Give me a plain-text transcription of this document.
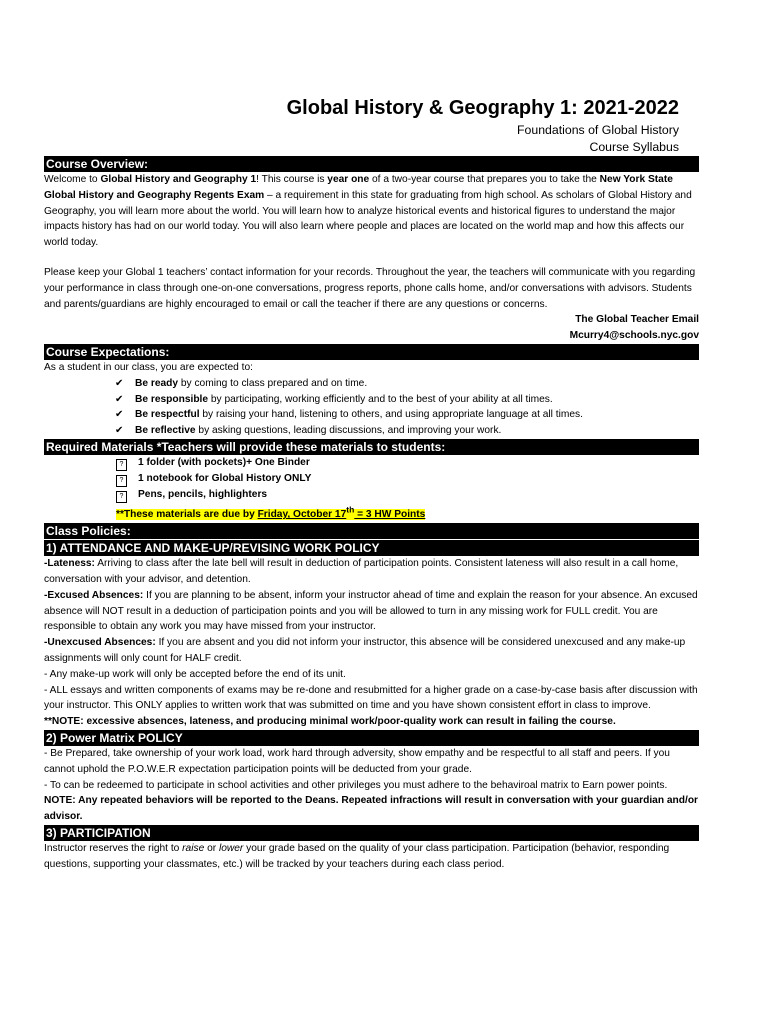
Global History & Geography 1: 2021-2022
Foundations of Global History
Course Syllabus
Course Overview:

Welcome to Global History and Geography 1! This course is year one of a two-year course that prepares you to take the New York State Global History and Geography Regents Exam – a requirement in this state for graduating from high school. As scholars of Global History and Geography, you will learn more about the world. You will learn how to analyze historical events and historical figures to understand the major impacts history has had on our world today. You will also learn where people and places are located on the world map and how this affects our world today.

Please keep your Global 1 teachers’ contact information for your records. Throughout the year, the teachers will communicate with you regarding your performance in class through one-on-one conversations, progress reports, phone calls home, and/or conversations with advisors. Students and parents/guardians are highly encouraged to email or call the teacher if there are any questions or concerns.

The Global Teacher Email
Mcurry4@schools.nyc.gov
Course Expectations:

As a student in our class, you are expected to:

✔ Be ready by coming to class prepared and on time.
✔ Be responsible by participating, working efficiently and to the best of your ability at all times.
✔ Be respectful by raising your hand, listening to others, and using appropriate language at all times.
✔ Be reflective by asking questions, leading discussions, and improving your work.
Required Materials *Teachers will provide these materials to students:
? 1 folder (with pockets)+ One Binder
? 1 notebook for Global History ONLY
? Pens, pencils, highlighters
**These materials are due by Friday, October 17th = 3 HW Points
Class Policies:
1) ATTENDANCE AND MAKE-UP/REVISING WORK POLICY

-Lateness: Arriving to class after the late bell will result in deduction of participation points. Consistent lateness will also result in a call home, conversation with your advisor, and detention.

-Excused Absences: If you are planning to be absent, inform your instructor ahead of time and explain the reason for your absence. An excused absence will NOT result in a deduction of participation points and you will be allowed to turn in any missing work for FULL credit. You are responsible to obtain any work you may have missed from your instructor.

-Unexcused Absences: If you are absent and you did not inform your instructor, this absence will be considered unexcused and any make-up assignments will only count for HALF credit.

- Any make-up work will only be accepted before the end of its unit.

- ALL essays and written components of exams may be re-done and resubmitted for a higher grade on a case-by-case basis after discussion with your instructor. This ONLY applies to written work that was submitted on time and you have shown consistent effort in class to improve.

**NOTE: excessive absences, lateness, and producing minimal work/poor-quality work can result in failing the course.

2) Power Matrix POLICY

- Be Prepared, take ownership of your work load, work hard through adversity, show empathy and be respectful to all staff and peers. If you cannot uphold the P.O.W.E.R expectation participation points will be deducted from your grade.

- To can be redeemed to participate in school activities and other privileges you must adhere to the behaviroal matrix to Earn power points.

NOTE: Any repeated behaviors will be reported to the Deans. Repeated infractions will result in conversation with your guardian and/or advisor.

3) PARTICIPATION

Instructor reserves the right to raise or lower your grade based on the quality of your class participation. Participation (behavior, responding questions, supporting your classmates, etc.) will be tracked by your teachers during each class period.
